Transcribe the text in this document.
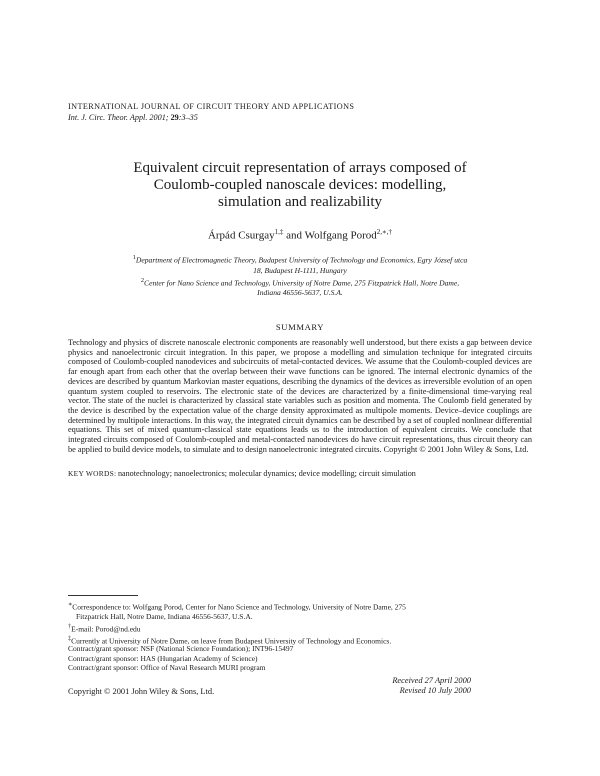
INTERNATIONAL JOURNAL OF CIRCUIT THEORY AND APPLICATIONS
Int. J. Circ. Theor. Appl. 2001; 29:3–35
Equivalent circuit representation of arrays composed of
Coulomb-coupled nanoscale devices: modelling,
simulation and realizability
Árpád Csurgay$^{1,\ddagger}$ and Wolfgang Porod$^{2,∗,\dagger}$

$^1$Department of Electromagnetic Theory, Budapest University of Technology and Economics, Egry József utca
18, Budapest H-1111, Hungary

$^2$Center for Nano Science and Technology, University of Notre Dame, 275 Fitzpatrick Hall, Notre Dame,
Indiana 46556-5637, U.S.A.

SUMMARY
Technology and physics of discrete nanoscale electronic components are reasonably well understood, but there exists a gap between device physics and nanoelectronic circuit integration. In this paper, we propose a modelling and simulation technique for integrated circuits composed of Coulomb-coupled nanodevices and subcircuits of metal-contacted devices. We assume that the Coulomb-coupled devices are far enough apart from each other that the overlap between their wave functions can be ignored. The internal electronic dynamics of the devices are described by quantum Markovian master equations, describing the dynamics of the devices as irreversible evolution of an open quantum system coupled to reservoirs. The electronic state of the devices are characterized by a finite-dimensional time-varying real vector. The state of the nuclei is characterized by classical state variables such as position and momenta. The Coulomb field generated by the device is described by the expectation value of the charge density approximated as multipole moments. Device–device couplings are determined by multipole interactions. In this way, the integrated circuit dynamics can be described by a set of coupled nonlinear differential equations. This set of mixed quantum-classical state equations leads us to the introduction of equivalent circuits. We conclude that integrated circuits composed of Coulomb-coupled and metal-contacted nanodevices do have circuit representations, thus circuit theory can be applied to build device models, to simulate and to design nanoelectronic integrated circuits. Copyright © 2001 John Wiley & Sons, Ltd.
KEY WORDS: nanotechnology; nanoelectronics; molecular dynamics; device modelling; circuit simulation

∗Correspondence to: Wolfgang Porod, Center for Nano Science and Technology, University of Notre Dame, 275

Fitzpatrick Hall, Notre Dame, Indiana 46556-5637, U.S.A.

†E-mail: Porod@nd.edu

‡Currently at University of Notre Dame, on leave from Budapest University of Technology and Economics.

Contract/grant sponsor: NSF (National Science Foundation); INT96-15497

Contract/grant sponsor: HAS (Hungarian Academy of Science)

Contract/grant sponsor: Office of Naval Research MURI program

Received 27 April 2000

Revised 10 July 2000

Copyright © 2001 John Wiley & Sons, Ltd.
